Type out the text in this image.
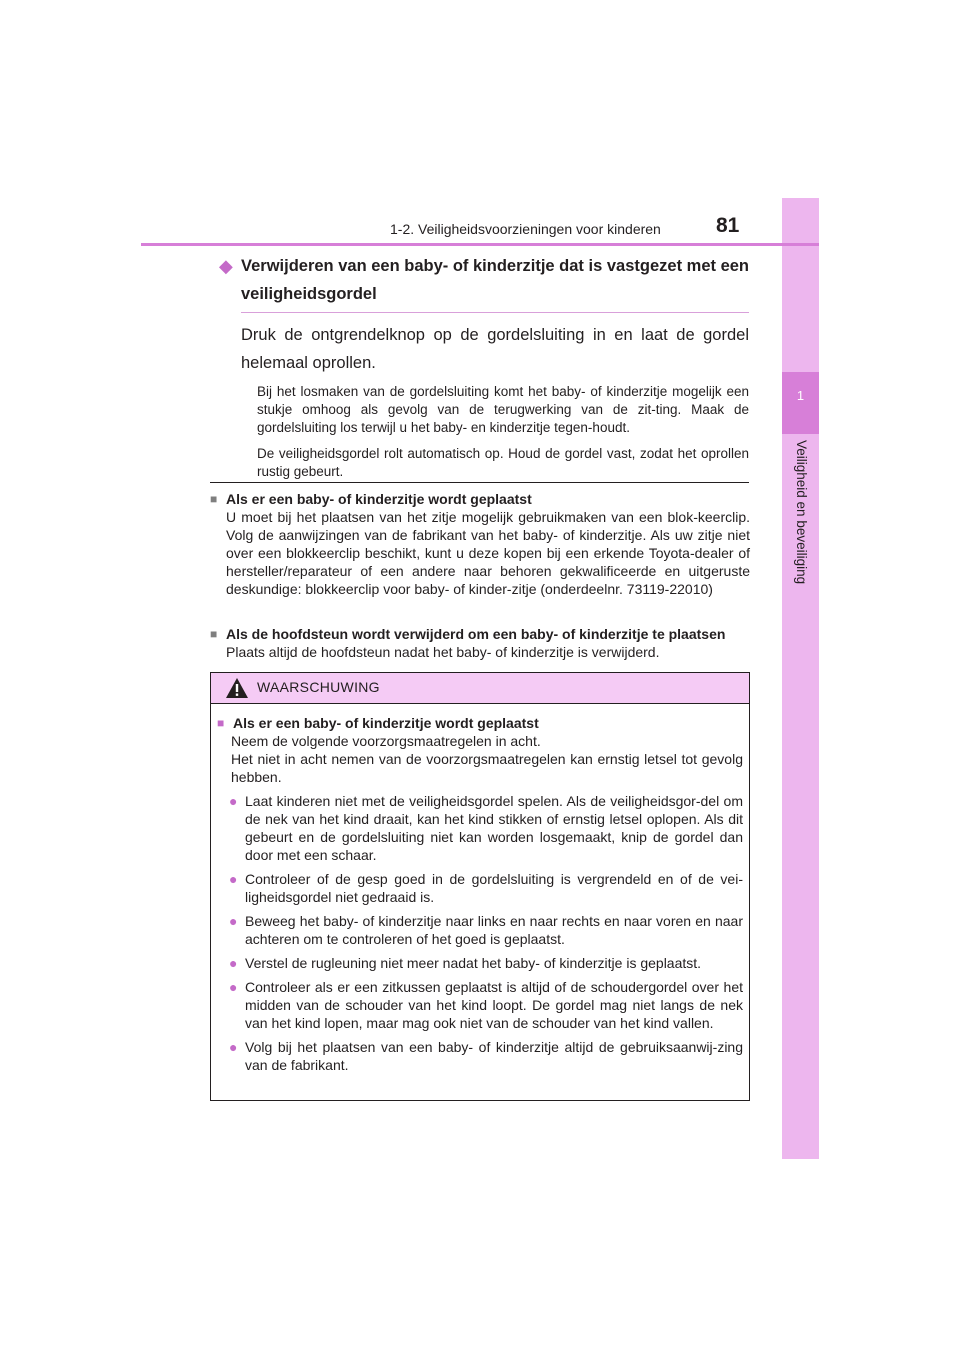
1
Veiligheid en beveiliging
1-2. Veiligheidsvoorzieningen voor kinderen	81
◆ Verwijderen van een baby- of kinderzitje dat is vastgezet met een veiligheidsgordel
Druk de ontgrendelknop op de gordelsluiting in en laat de gordel helemaal oprollen.
Bij het losmaken van de gordelsluiting komt het baby- of kinderzitje mogelijk een stukje omhoog als gevolg van de terugwerking van de zit-ting. Maak de gordelsluiting los terwijl u het baby- en kinderzitje tegen-houdt.
De veiligheidsgordel rolt automatisch op. Houd de gordel vast, zodat het oprollen rustig gebeurt.
■ Als er een baby- of kinderzitje wordt geplaatst
U moet bij het plaatsen van het zitje mogelijk gebruikmaken van een blok-keerclip. Volg de aanwijzingen van de fabrikant van het baby- of kinderzitje. Als uw zitje niet over een blokkeerclip beschikt, kunt u deze kopen bij een erkende Toyota-dealer of hersteller/reparateur of een andere naar behoren gekwalificeerde en uitgeruste deskundige: blokkeerclip voor baby- of kinder-zitje (onderdeelnr. 73119-22010)
■ Als de hoofdsteun wordt verwijderd om een baby- of kinderzitje te plaatsen
Plaats altijd de hoofdsteun nadat het baby- of kinderzitje is verwijderd.
WAARSCHUWING
■ Als er een baby- of kinderzitje wordt geplaatst
Neem de volgende voorzorgsmaatregelen in acht.
Het niet in acht nemen van de voorzorgsmaatregelen kan ernstig letsel tot gevolg hebben.
● Laat kinderen niet met de veiligheidsgordel spelen. Als de veiligheidsgor-del om de nek van het kind draait, kan het kind stikken of ernstig letsel oplopen. Als dit gebeurt en de gordelsluiting niet kan worden losgemaakt, knip de gordel dan door met een schaar.
● Controleer of de gesp goed in de gordelsluiting is vergrendeld en of de vei-ligheidsgordel niet gedraaid is.
● Beweeg het baby- of kinderzitje naar links en naar rechts en naar voren en naar achteren om te controleren of het goed is geplaatst.
● Verstel de rugleuning niet meer nadat het baby- of kinderzitje is geplaatst.
● Controleer als er een zitkussen geplaatst is altijd of de schoudergordel over het midden van de schouder van het kind loopt. De gordel mag niet langs de nek van het kind lopen, maar mag ook niet van de schouder van het kind vallen.
● Volg bij het plaatsen van een baby- of kinderzitje altijd de gebruiksaanwij-zing van de fabrikant.
